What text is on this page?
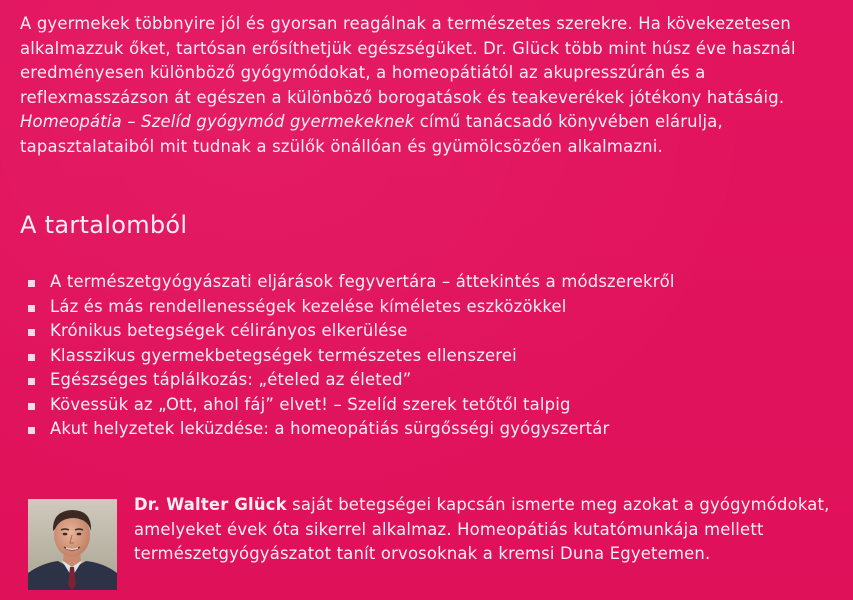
A gyermekek többnyire jól és gyorsan reagálnak a természetes szerekre. Ha kövekezetesen alkalmazzuk őket, tartósan erősíthetjük egészségüket. Dr. Glück több mint húsz éve használ eredményesen különböző gyógymódokat, a homeopátiától az akupresszúrán és a reflexmasszázson át egészen a különböző borogatások és teakeverékek jótékony hatásáig. Homeopátia – Szelíd gyógymód gyermekeknek című tanácsadó könyvében elárulja, tapasztalataiból mit tudnak a szülők önállóan és gyümölcsözően alkalmazni.

A tartalomból
A természetgyógyászati eljárások fegyvertára – áttekintés a módszerekről
Láz és más rendellenességek kezelése kíméletes eszközökkel
Krónikus betegségek célirányos elkerülése
Klasszikus gyermekbetegségek természetes ellenszerei
Egészséges táplálkozás: „ételed az életed”
Kövessük az „Ott, ahol fáj” elvet! – Szelíd szerek tetőtől talpig
Akut helyzetek leküzdése: a homeopátiás sürgősségi gyógyszertár

Dr. Walter Glück saját betegségei kapcsán ismerte meg azokat a gyógymódokat, amelyeket évek óta sikerrel alkalmaz. Homeopátiás kutatómunkája mellett természetgyógyászatot tanít orvosoknak a kremsi Duna Egyetemen.
